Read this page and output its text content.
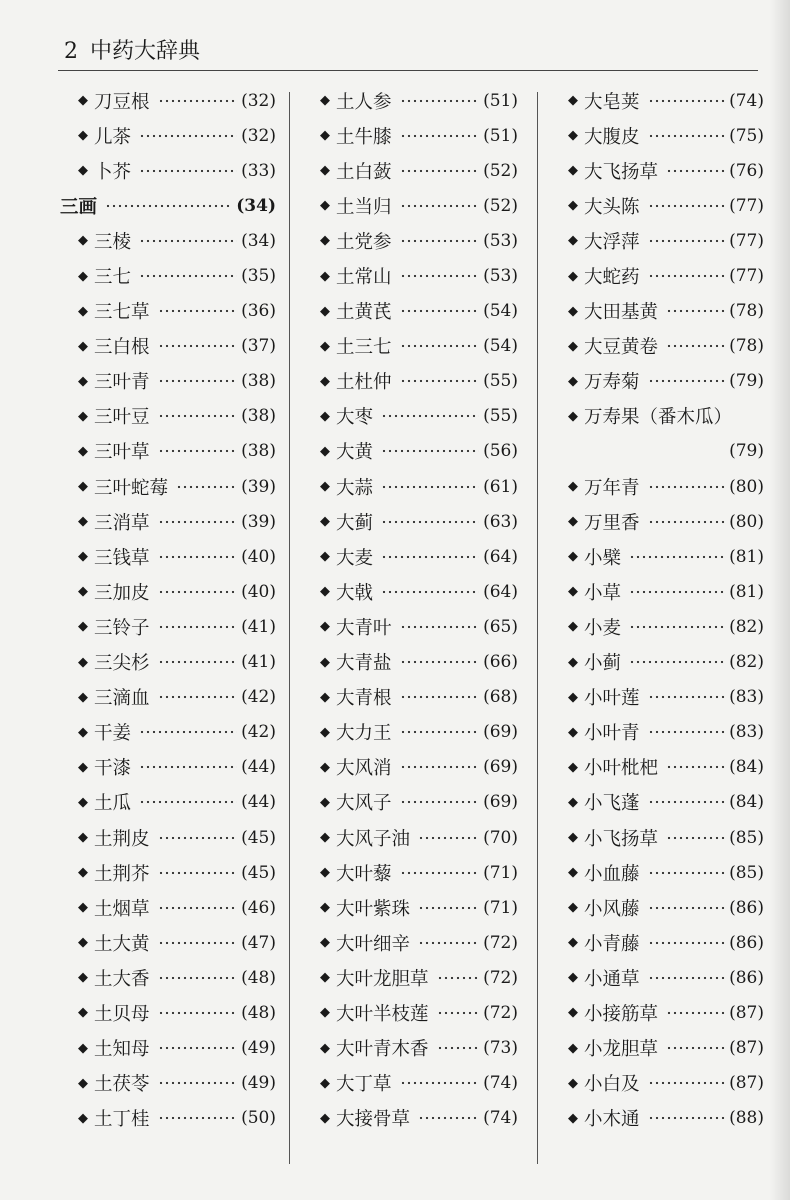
2 中药大辞典
◆ 刀豆根	(32)
◆ 儿茶	(32)
◆ 卜芥	(33)
三画	(34)
◆ 三棱	(34)
◆ 三七	(35)
◆ 三七草	(36)
◆ 三白根	(37)
◆ 三叶青	(38)
◆ 三叶豆	(38)
◆ 三叶草	(38)
◆ 三叶蛇莓	(39)
◆ 三消草	(39)
◆ 三钱草	(40)
◆ 三加皮	(40)
◆ 三铃子	(41)
◆ 三尖杉	(41)
◆ 三滴血	(42)
◆ 干姜	(42)
◆ 干漆	(44)
◆ 土瓜	(44)
◆ 土荆皮	(45)
◆ 土荆芥	(45)
◆ 土烟草	(46)
◆ 土大黄	(47)
◆ 土大香	(48)
◆ 土贝母	(48)
◆ 土知母	(49)
◆ 土茯苓	(49)
◆ 土丁桂	(50)
◆ 土人参	(51)
◆ 土牛膝	(51)
◆ 土白蔹	(52)
◆ 土当归	(52)
◆ 土党参	(53)
◆ 土常山	(53)
◆ 土黄芪	(54)
◆ 土三七	(54)
◆ 土杜仲	(55)
◆ 大枣	(55)
◆ 大黄	(56)
◆ 大蒜	(61)
◆ 大蓟	(63)
◆ 大麦	(64)
◆ 大戟	(64)
◆ 大青叶	(65)
◆ 大青盐	(66)
◆ 大青根	(68)
◆ 大力王	(69)
◆ 大风消	(69)
◆ 大风子	(69)
◆ 大风子油	(70)
◆ 大叶藜	(71)
◆ 大叶紫珠	(71)
◆ 大叶细辛	(72)
◆ 大叶龙胆草	(72)
◆ 大叶半枝莲	(72)
◆ 大叶青木香	(73)
◆ 大丁草	(74)
◆ 大接骨草	(74)
◆ 大皂荚	(74)
◆ 大腹皮	(75)
◆ 大飞扬草	(76)
◆ 大头陈	(77)
◆ 大浮萍	(77)
◆ 大蛇药	(77)
◆ 大田基黄	(78)
◆ 大豆黄卷	(78)
◆ 万寿菊	(79)
◆ 万寿果（番木瓜）
(79)
◆ 万年青	(80)
◆ 万里香	(80)
◆ 小檗	(81)
◆ 小草	(81)
◆ 小麦	(82)
◆ 小蓟	(82)
◆ 小叶莲	(83)
◆ 小叶青	(83)
◆ 小叶枇杷	(84)
◆ 小飞蓬	(84)
◆ 小飞扬草	(85)
◆ 小血藤	(85)
◆ 小风藤	(86)
◆ 小青藤	(86)
◆ 小通草	(86)
◆ 小接筋草	(87)
◆ 小龙胆草	(87)
◆ 小白及	(87)
◆ 小木通	(88)
